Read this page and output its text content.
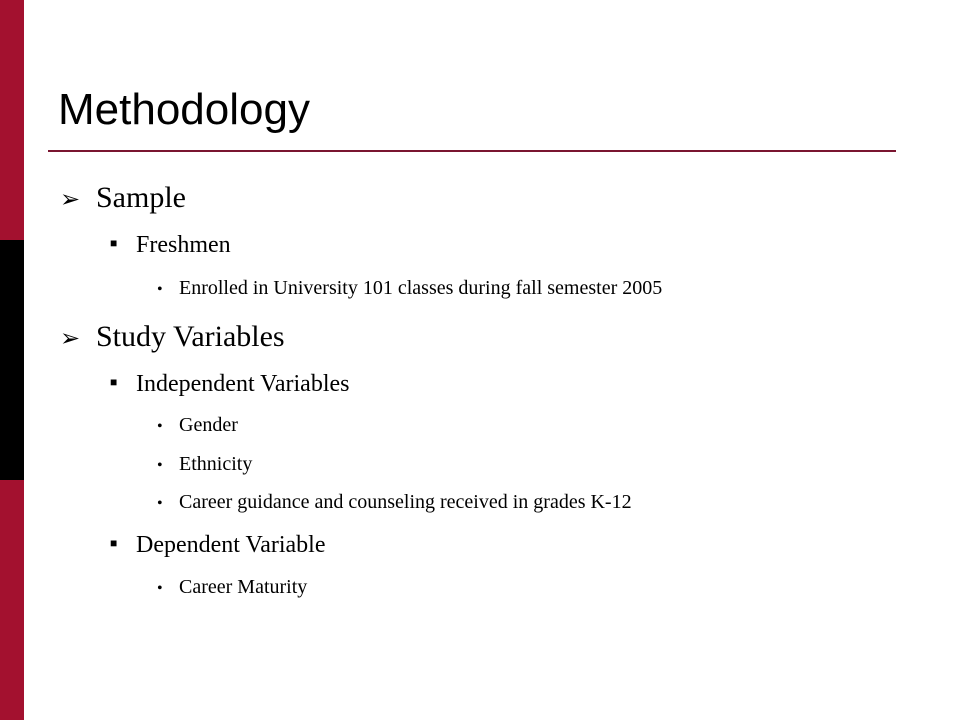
Methodology
➢ Sample
■ Freshmen
• Enrolled in University 101 classes during fall semester 2005
➢ Study Variables
■ Independent Variables
• Gender
• Ethnicity
• Career guidance and counseling received in grades K-12
■ Dependent Variable
• Career Maturity
